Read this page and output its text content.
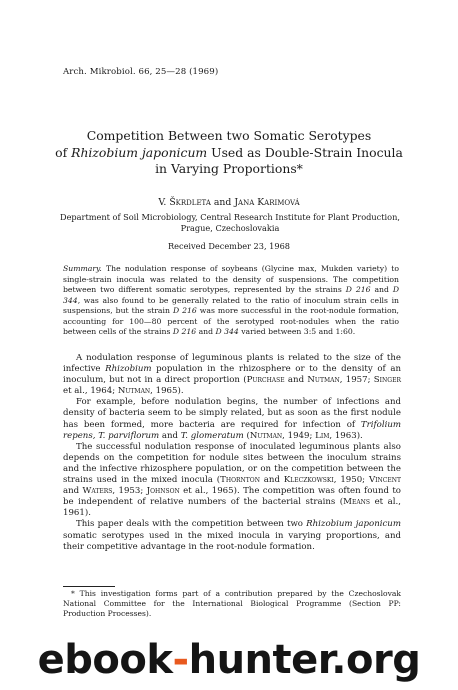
Arch. Mikrobiol. 66, 25—28 (1969)
Competition Between two Somatic Serotypes
of Rhizobium japonicum Used as Double-Strain Inocula
in Varying Proportions*
V. Škrdleta and Jana Karimová
Department of Soil Microbiology, Central Research Institute for Plant Production,
Prague, Czechoslovakia
Received December 23, 1968

Summary. The nodulation response of soybeans (Glycine max, Mukden variety) to single-strain inocula was related to the density of suspensions. The competition between two different somatic serotypes, represented by the strains D 216 and D 344, was also found to be generally related to the ratio of inoculum strain cells in suspensions, but the strain D 216 was more successful in the root-nodule formation, accounting for 100—80 percent of the serotyped root-nodules when the ratio between cells of the strains D 216 and D 344 varied between 3:5 and 1:60.

A nodulation response of leguminous plants is related to the size of the infective Rhizobium population in the rhizosphere or to the density of an inoculum, but not in a direct proportion (Purchase and Nutman, 1957; Singer et al., 1964; Nutman, 1965).

For example, before nodulation begins, the number of infections and density of bacteria seem to be simply related, but as soon as the first nodule has been formed, more bacteria are required for infection of Trifolium repens, T. parviflorum and T. glomeratum (Nutman, 1949; Lim, 1963).

The successful nodulation response of inoculated leguminous plants also depends on the competition for nodule sites between the inoculum strains and the infective rhizosphere population, or on the competition between the strains used in the mixed inocula (Thornton and Kleczkowski, 1950; Vincent and Waters, 1953; Johnson et al., 1965). The competition was often found to be independent of relative numbers of the bacterial strains (Means et al., 1961).

This paper deals with the competition between two Rhizobium japonicum somatic serotypes used in the mixed inocula in varying proportions, and their competitive advantage in the root-nodule formation.

* This investigation forms part of a contribution prepared by the Czechoslovak National Committee for the International Biological Programme (Section PP: Production Processes).
ebook-hunter.org
